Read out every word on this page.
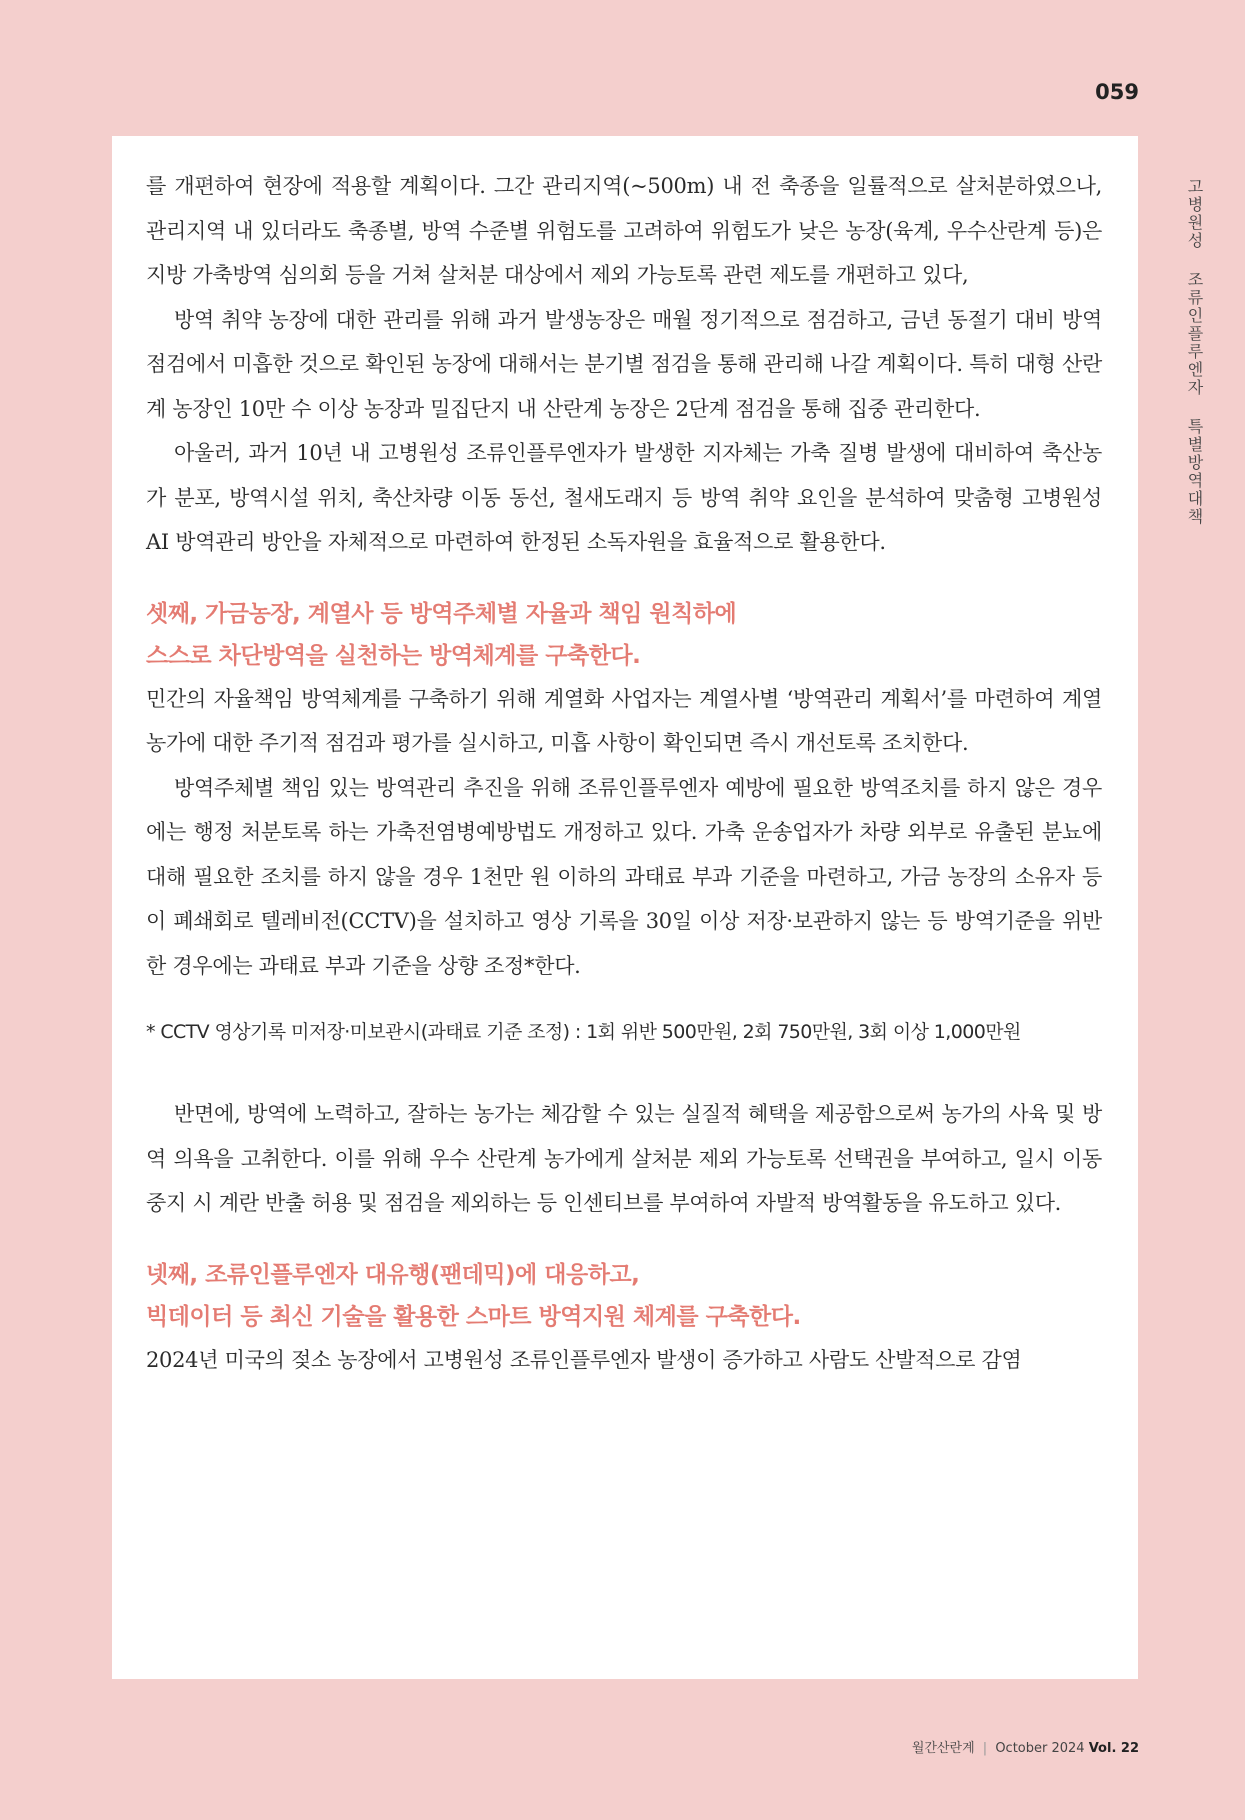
059

를 개편하여 현장에 적용할 계획이다. 그간 관리지역(~500m) 내 전 축종을 일률적으로 살처분하였으나, 관리지역 내 있더라도 축종별, 방역 수준별 위험도를 고려하여 위험도가 낮은 농장(육계, 우수산란계 등)은 지방 가축방역 심의회 등을 거쳐 살처분 대상에서 제외 가능토록 관련 제도를 개편하고 있다,

방역 취약 농장에 대한 관리를 위해 과거 발생농장은 매월 정기적으로 점검하고, 금년 동절기 대비 방역점검에서 미흡한 것으로 확인된 농장에 대해서는 분기별 점검을 통해 관리해 나갈 계획이다. 특히 대형 산란계 농장인 10만 수 이상 농장과 밀집단지 내 산란계 농장은 2단계 점검을 통해 집중 관리한다.

아울러, 과거 10년 내 고병원성 조류인플루엔자가 발생한 지자체는 가축 질병 발생에 대비하여 축산농가 분포, 방역시설 위치, 축산차량 이동 동선, 철새도래지 등 방역 취약 요인을 분석하여 맞춤형 고병원성 AI 방역관리 방안을 자체적으로 마련하여 한정된 소독자원을 효율적으로 활용한다.

셋째, 가금농장, 계열사 등 방역주체별 자율과 책임 원칙하에
스스로 차단방역을 실천하는 방역체계를 구축한다.

민간의 자율책임 방역체계를 구축하기 위해 계열화 사업자는 계열사별 ‘방역관리 계획서’를 마련하여 계열 농가에 대한 주기적 점검과 평가를 실시하고, 미흡 사항이 확인되면 즉시 개선토록 조치한다.

방역주체별 책임 있는 방역관리 추진을 위해 조류인플루엔자 예방에 필요한 방역조치를 하지 않은 경우에는 행정 처분토록 하는 가축전염병예방법도 개정하고 있다. 가축 운송업자가 차량 외부로 유출된 분뇨에 대해 필요한 조치를 하지 않을 경우 1천만 원 이하의 과태료 부과 기준을 마련하고, 가금 농장의 소유자 등이 폐쇄회로 텔레비전(CCTV)을 설치하고 영상 기록을 30일 이상 저장·보관하지 않는 등 방역기준을 위반한 경우에는 과태료 부과 기준을 상향 조정*한다.

* CCTV 영상기록 미저장·미보관시(과태료 기준 조정) : 1회 위반 500만원, 2회 750만원, 3회 이상 1,000만원

반면에, 방역에 노력하고, 잘하는 농가는 체감할 수 있는 실질적 혜택을 제공함으로써 농가의 사육 및 방역 의욕을 고취한다. 이를 위해 우수 산란계 농가에게 살처분 제외 가능토록 선택권을 부여하고, 일시 이동 중지 시 계란 반출 허용 및 점검을 제외하는 등 인센티브를 부여하여 자발적 방역활동을 유도하고 있다.

넷째, 조류인플루엔자 대유행(팬데믹)에 대응하고,
빅데이터 등 최신 기술을 활용한 스마트 방역지원 체계를 구축한다.

2024년 미국의 젖소 농장에서 고병원성 조류인플루엔자 발생이 증가하고 사람도 산발적으로 감염

고병원성 조류인플루엔자 특별방역대책
월간산란계 | October 2024 Vol. 22
